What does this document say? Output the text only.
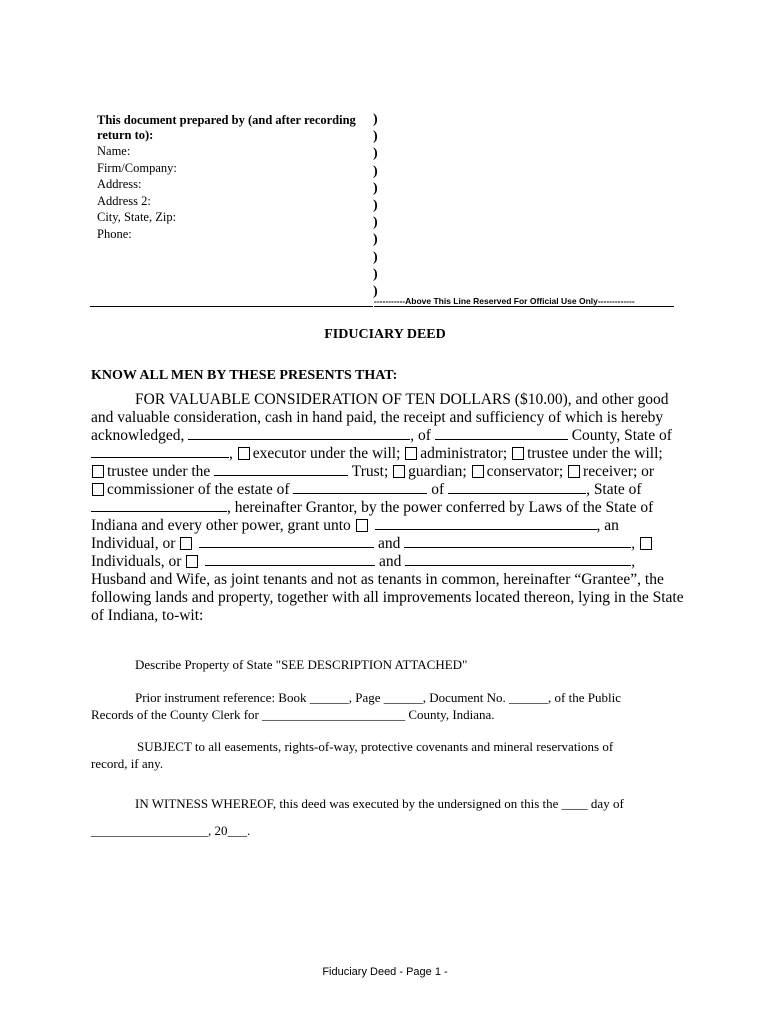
This document prepared by (and after recording
return to):
Name:
Firm/Company:
Address:
Address 2:
City, State, Zip:
Phone:
)
)
)
)
)
)
)
)
)
)
)
-----------Above This Line Reserved For Official Use Only-------------
FIDUCIARY DEED
KNOW ALL MEN BY THESE PRESENTS THAT:
FOR VALUABLE CONSIDERATION OF TEN DOLLARS ($10.00), and other good
and valuable consideration, cash in hand paid, the receipt and sufficiency of which is hereby
acknowledged,	, of	County, State of
, executor under the will; administrator; trustee under the will;
trustee under the	Trust; guardian; conservator; receiver; or
commissioner of the estate of	of	, State of
, hereinafter Grantor, by the power conferred by Laws of the State of
Indiana and every other power, grant unto	, an
Individual, or	and	,
Individuals, or	and	,
Husband and Wife, as joint tenants and not as tenants in common, hereinafter “Grantee”, the
following lands and property, together with all improvements located thereon, lying in the State
of Indiana, to-wit:
Describe Property of State "SEE DESCRIPTION ATTACHED"
Prior instrument reference: Book ______, Page ______, Document No. ______, of the Public
Records of the County Clerk for ______________________ County, Indiana.
SUBJECT to all easements, rights-of-way, protective covenants and mineral reservations of
record, if any.
IN WITNESS WHEREOF, this deed was executed by the undersigned on this the ____ day of
__________________, 20___.
Fiduciary Deed - Page 1 -
